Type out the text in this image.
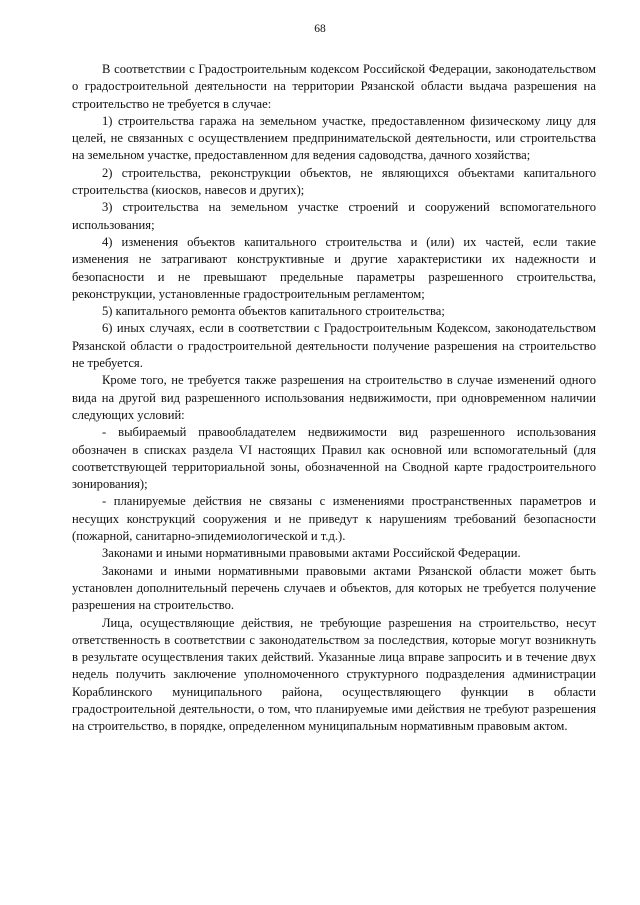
68

В соответствии с Градостроительным кодексом Российской Федерации, законодательством о градостроительной деятельности на территории Рязанской области выдача разрешения на строительство не требуется в случае:

1) строительства гаража на земельном участке, предоставленном физическому лицу для целей, не связанных с осуществлением предпринимательской деятельности, или строительства на земельном участке, предоставленном для ведения садоводства, дачного хозяйства;

2) строительства, реконструкции объектов, не являющихся объектами капитального строительства (киосков, навесов и других);

3) строительства на земельном участке строений и сооружений вспомогательного использования;

4) изменения объектов капитального строительства и (или) их частей, если такие изменения не затрагивают конструктивные и другие характеристики их надежности и безопасности и не превышают предельные параметры разрешенного строительства, реконструкции, установленные градостроительным регламентом;

5) капитального ремонта объектов капитального строительства;

6) иных случаях, если в соответствии с Градостроительным Кодексом, законодательством Рязанской области о градостроительной деятельности получение разрешения на строительство не требуется.

Кроме того, не требуется также разрешения на строительство в случае изменений одного вида на другой вид разрешенного использования недвижимости, при одновременном наличии следующих условий:

- выбираемый правообладателем недвижимости вид разрешенного использования обозначен в списках раздела VI настоящих Правил как основной или вспомогательный (для соответствующей территориальной зоны, обозначенной на Сводной карте градостроительного зонирования);

- планируемые действия не связаны с изменениями пространственных параметров и несущих конструкций сооружения и не приведут к нарушениям требований безопасности (пожарной, санитарно-эпидемиологической и т.д.).

Законами и иными нормативными правовыми актами Российской Федерации.

Законами и иными нормативными правовыми актами Рязанской области может быть установлен дополнительный перечень случаев и объектов, для которых не требуется получение разрешения на строительство.

Лица, осуществляющие действия, не требующие разрешения на строительство, несут ответственность в соответствии с законодательством за последствия, которые могут возникнуть в результате осуществления таких действий. Указанные лица вправе запросить и в течение двух недель получить заключение уполномоченного структурного подразделения администрации Кораблинского муниципального района, осуществляющего функции в области градостроительной деятельности, о том, что планируемые ими действия не требуют разрешения на строительство, в порядке, определенном муниципальным нормативным правовым актом.
